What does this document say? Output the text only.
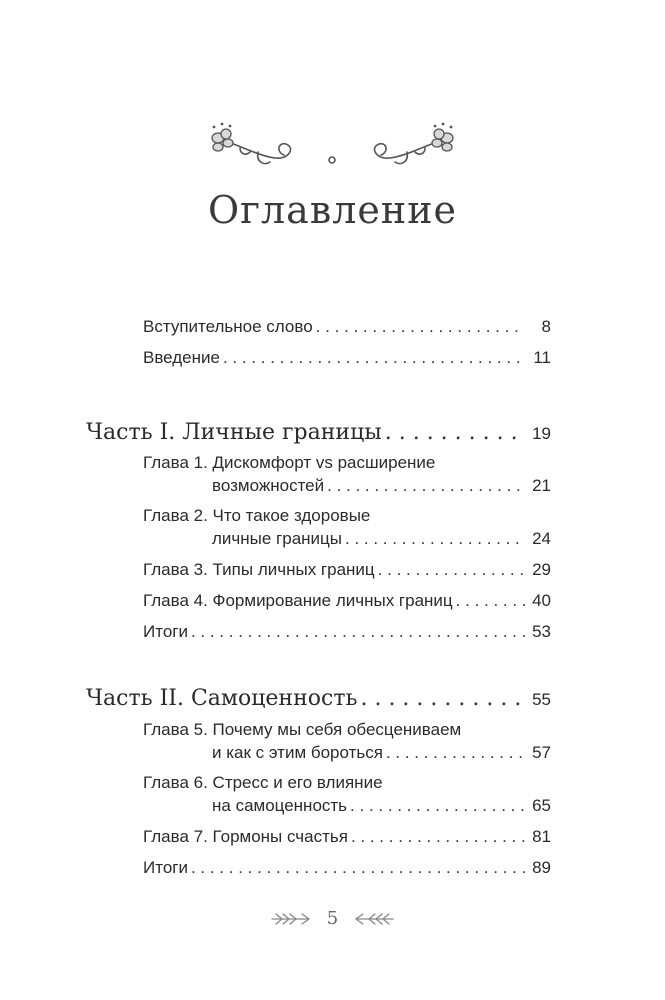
Оглавление
Вступительное слово . . .	8
Введение . . .	11
Часть I. Личные границы . . .	19
Глава 1. Дискомфорт vs расширение
возможностей . . .	21
Глава 2. Что такое здоровые
личные границы . . .	24
Глава 3. Типы личных границ . . .	29
Глава 4. Формирование личных границ . . .	40
Итоги . . .	53
Часть II. Самоценность . . .	55
Глава 5. Почему мы себя обесцениваем
и как с этим бороться . . .	57
Глава 6. Стресс и его влияние
на самоценность . . .	65
Глава 7. Гормоны счастья . . .	81
Итоги . . .	89
5
